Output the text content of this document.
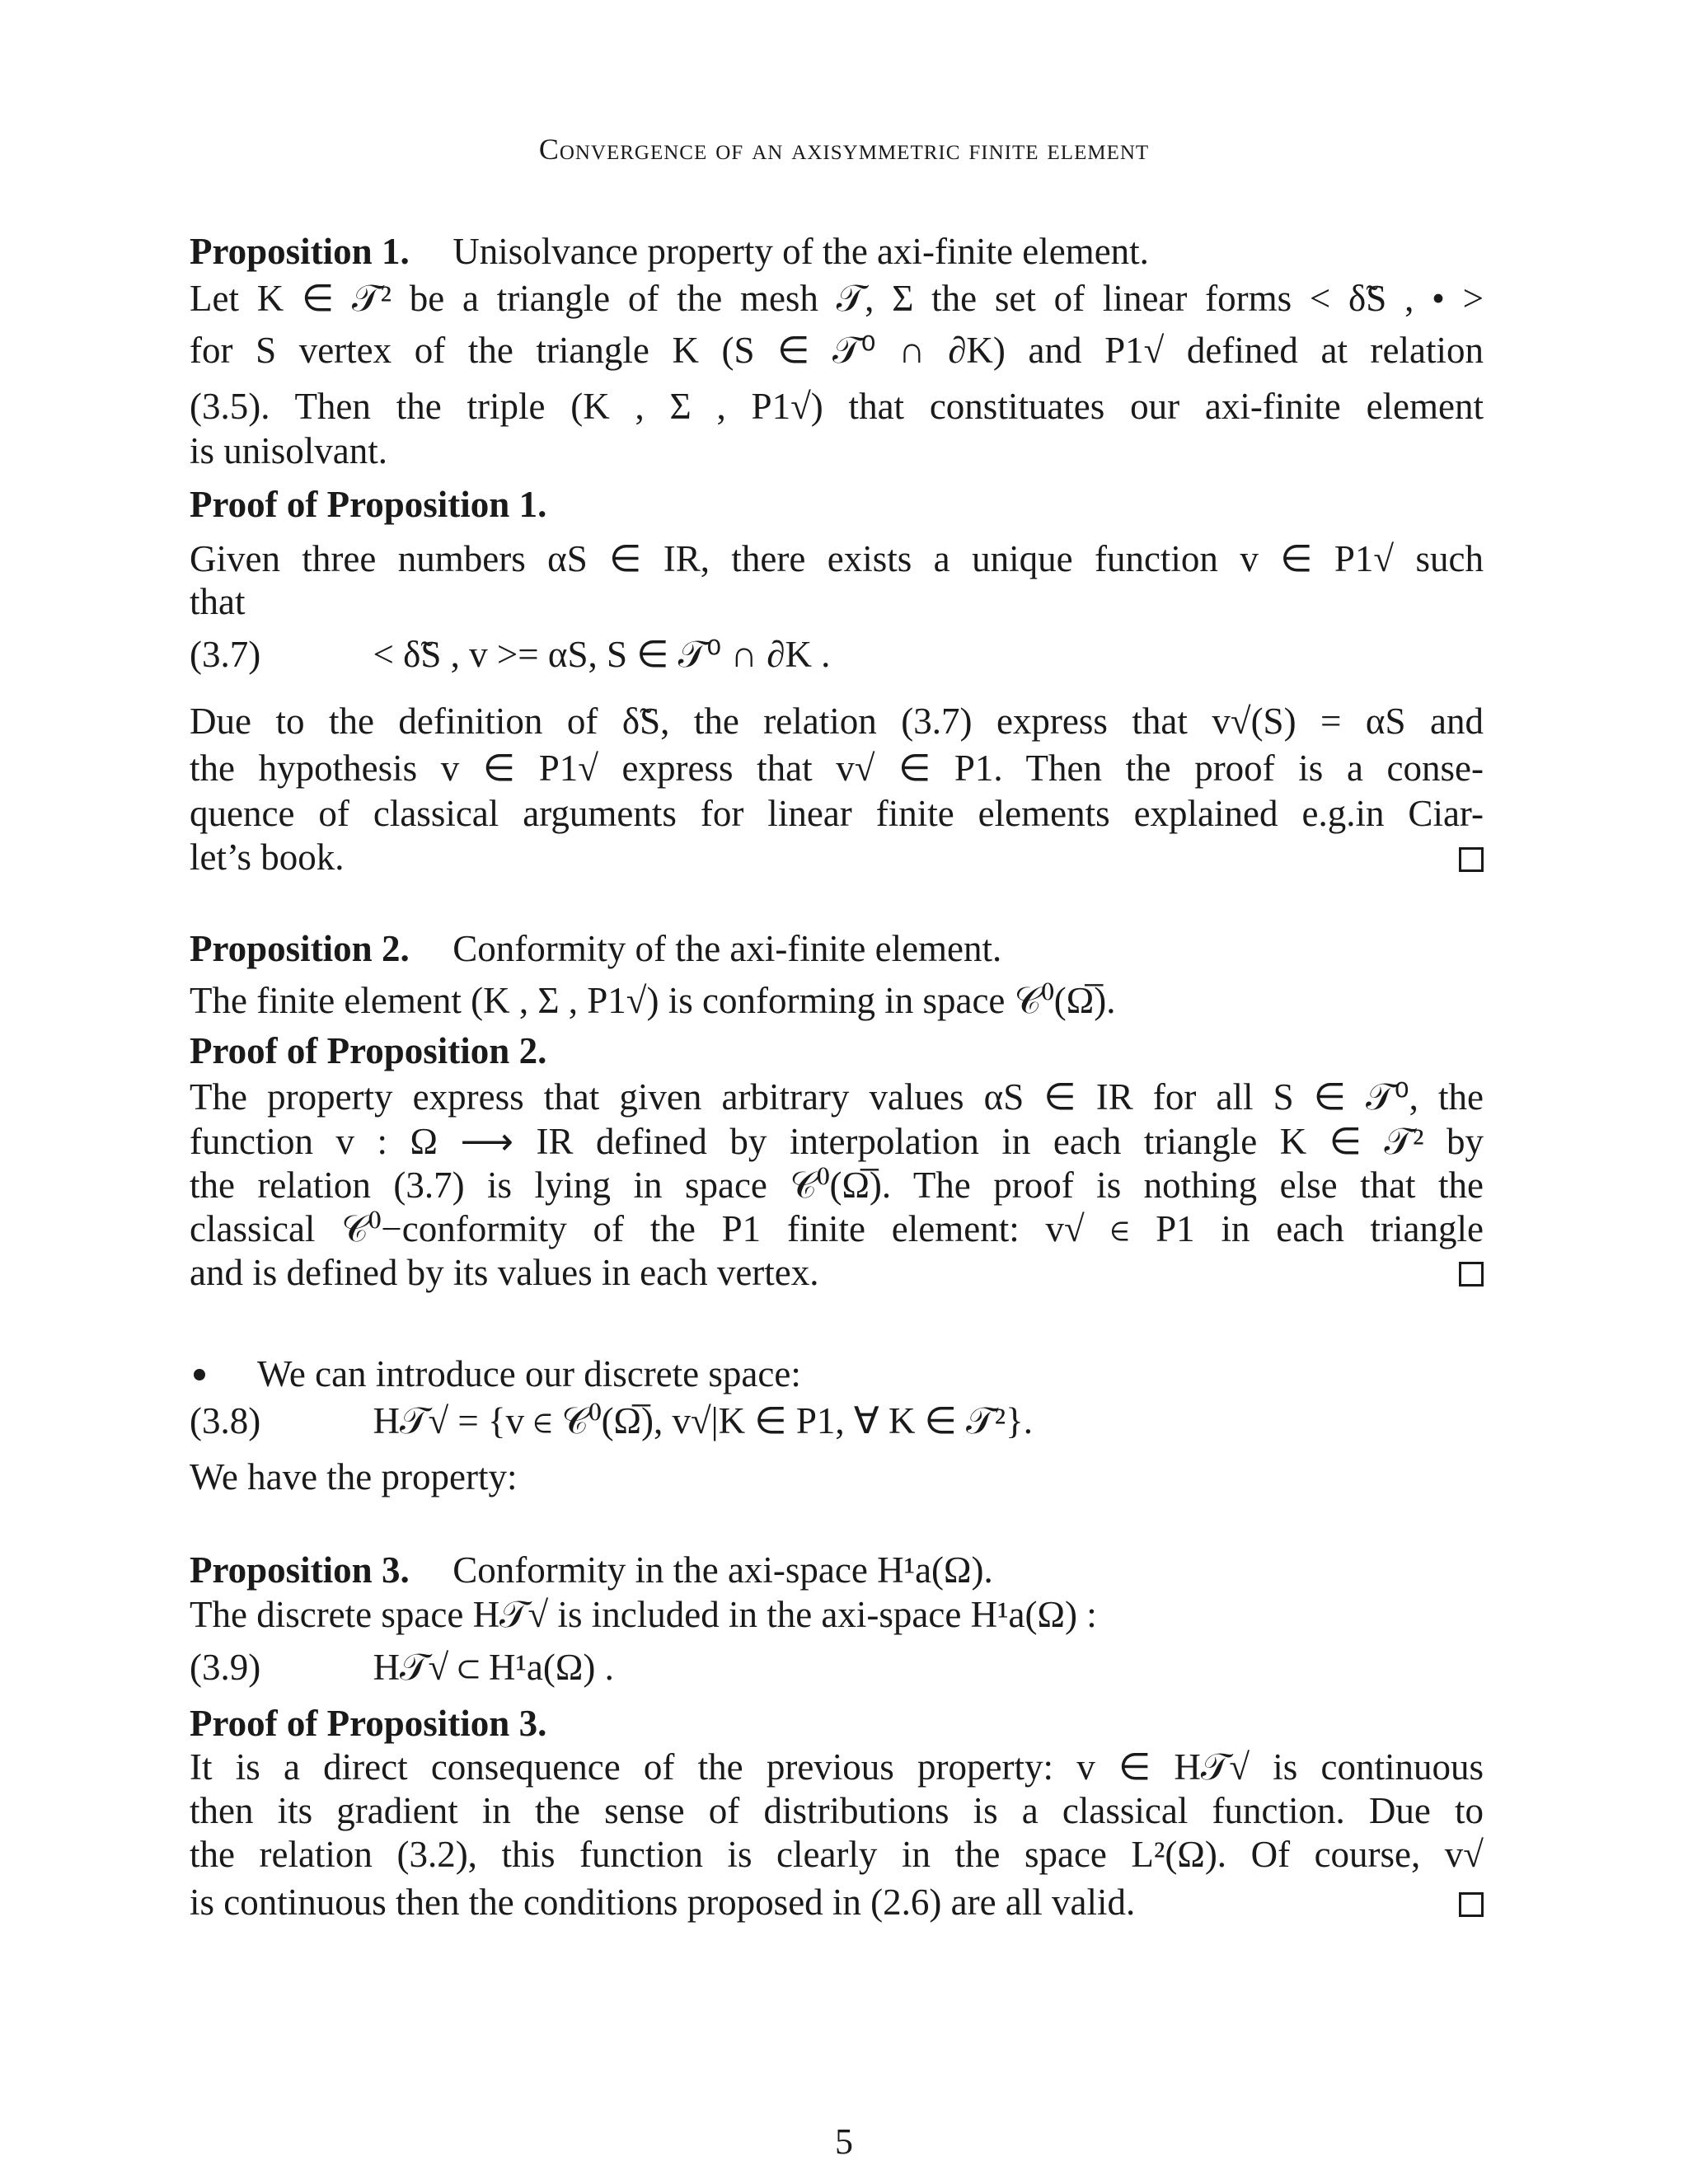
Convergence of an axisymmetric finite element
Proposition 1. Unisolvance property of the axi-finite element.
Let K ∈ 𝒯² be a triangle of the mesh 𝒯, Σ the set of linear forms < δ̃S , • >
for S vertex of the triangle K (S ∈ 𝒯⁰ ∩ ∂K) and P1√ defined at relation
(3.5). Then the triple (K , Σ , P1√) that constituates our axi-finite element
is unisolvant.
Proof of Proposition 1.
Given three numbers αS ∈ IR, there exists a unique function v ∈ P1√ such
that
(3.7)	< δ̃S , v >= αS, S ∈ 𝒯⁰ ∩ ∂K .
Due to the definition of δ̃S, the relation (3.7) express that v√(S) = αS and
the hypothesis v ∈ P1√ express that v√ ∈ P1. Then the proof is a conse-
quence of classical arguments for linear finite elements explained e.g.in Ciar-
let’s book.
Proposition 2. Conformity of the axi-finite element.
The finite element (K , Σ , P1√) is conforming in space 𝒞⁰(Ω̅).
Proof of Proposition 2.
The property express that given arbitrary values αS ∈ IR for all S ∈ 𝒯⁰, the
function v : Ω ⟶ IR defined by interpolation in each triangle K ∈ 𝒯² by
the relation (3.7) is lying in space 𝒞⁰(Ω̅). The proof is nothing else that the
classical 𝒞⁰−conformity of the P1 finite element: v√ ∈ P1 in each triangle
and is defined by its values in each vertex.
We can introduce our discrete space:
(3.8)	H𝒯√ = {v ∈ 𝒞⁰(Ω̅), v√|K ∈ P1, ∀ K ∈ 𝒯²}.
We have the property:
Proposition 3. Conformity in the axi-space H¹a(Ω).
The discrete space H𝒯√ is included in the axi-space H¹a(Ω) :
(3.9)	H𝒯√ ⊂ H¹a(Ω) .
Proof of Proposition 3.
It is a direct consequence of the previous property: v ∈ H𝒯√ is continuous
then its gradient in the sense of distributions is a classical function. Due to
the relation (3.2), this function is clearly in the space L²(Ω). Of course, v√
is continuous then the conditions proposed in (2.6) are all valid.
5
